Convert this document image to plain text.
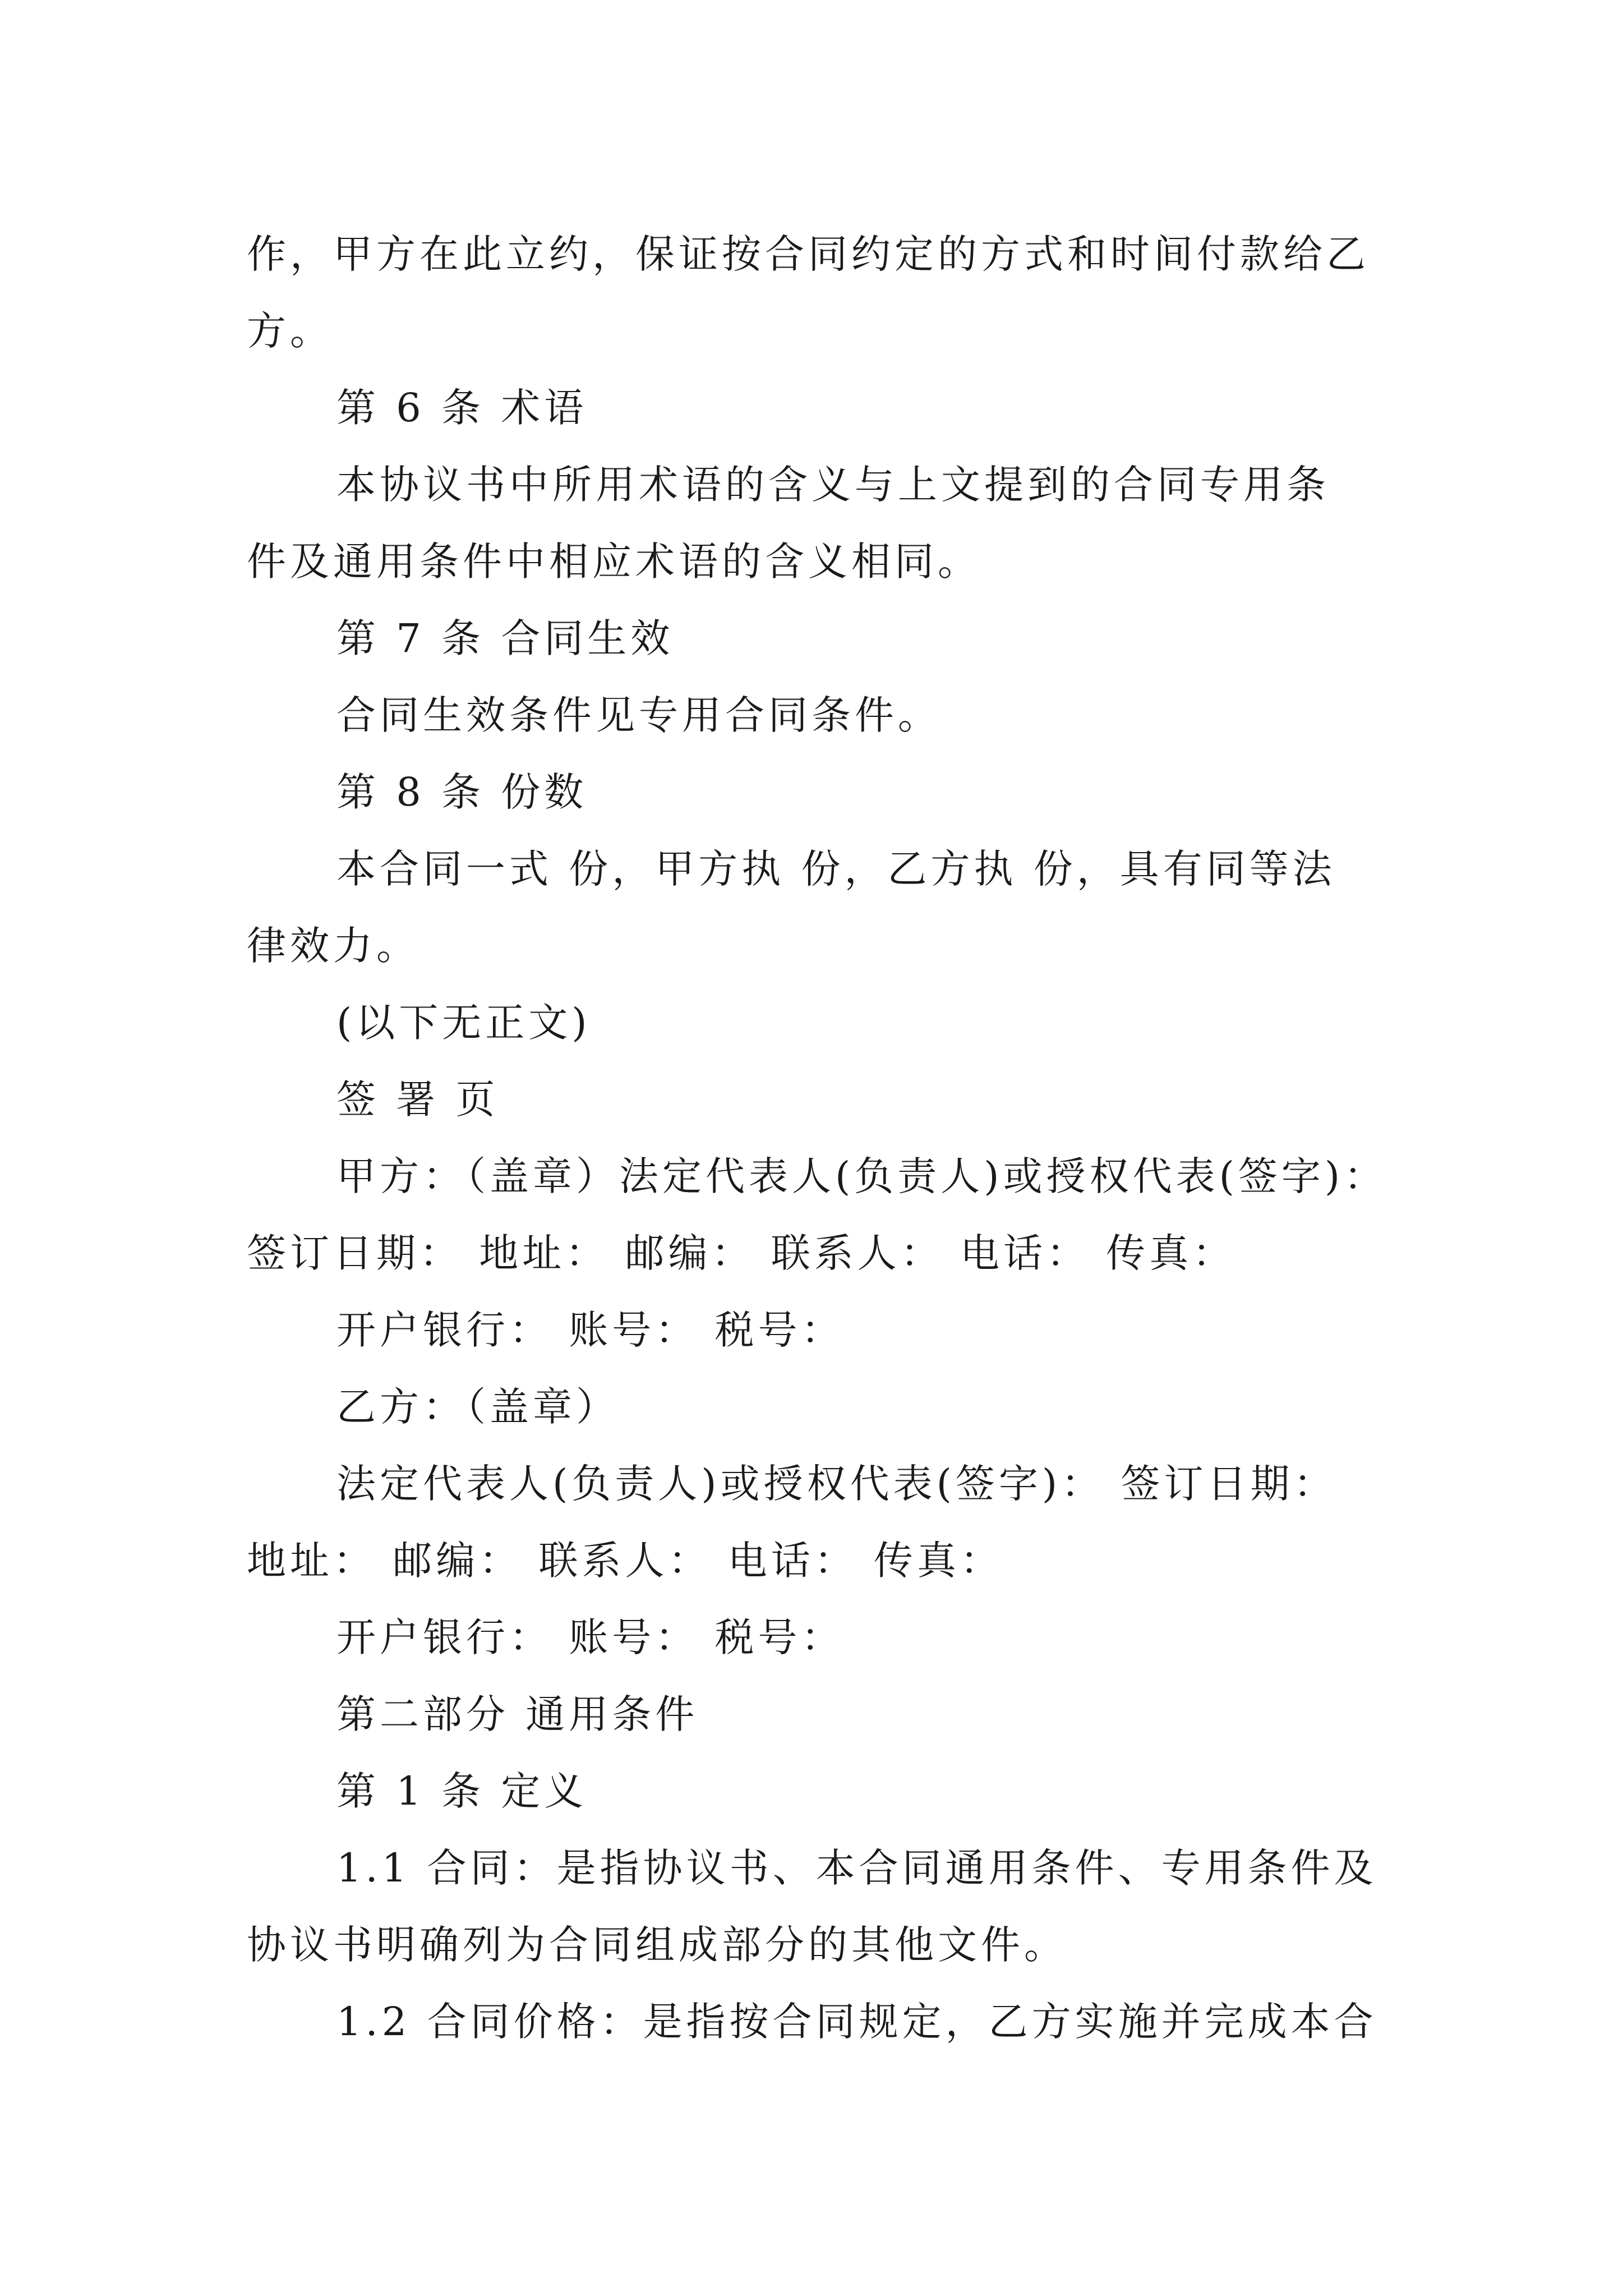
作，甲方在此立约，保证按合同约定的方式和时间付款给乙
方。
第 6 条 术语
本协议书中所用术语的含义与上文提到的合同专用条
件及通用条件中相应术语的含义相同。
第 7 条 合同生效
合同生效条件见专用合同条件。
第 8 条 份数
本合同一式 份，甲方执 份，乙方执 份，具有同等法
律效力。
(以下无正文)
签 署 页
甲方：（盖章）法定代表人(负责人)或授权代表(签字)：
签订日期： 地址： 邮编： 联系人： 电话： 传真：
开户银行： 账号： 税号：
乙方：（盖章）
法定代表人(负责人)或授权代表(签字)： 签订日期：
地址： 邮编： 联系人： 电话： 传真：
开户银行： 账号： 税号：
第二部分 通用条件
第 1 条 定义
1.1 合同：是指协议书、本合同通用条件、专用条件及
协议书明确列为合同组成部分的其他文件。
1.2 合同价格：是指按合同规定，乙方实施并完成本合
